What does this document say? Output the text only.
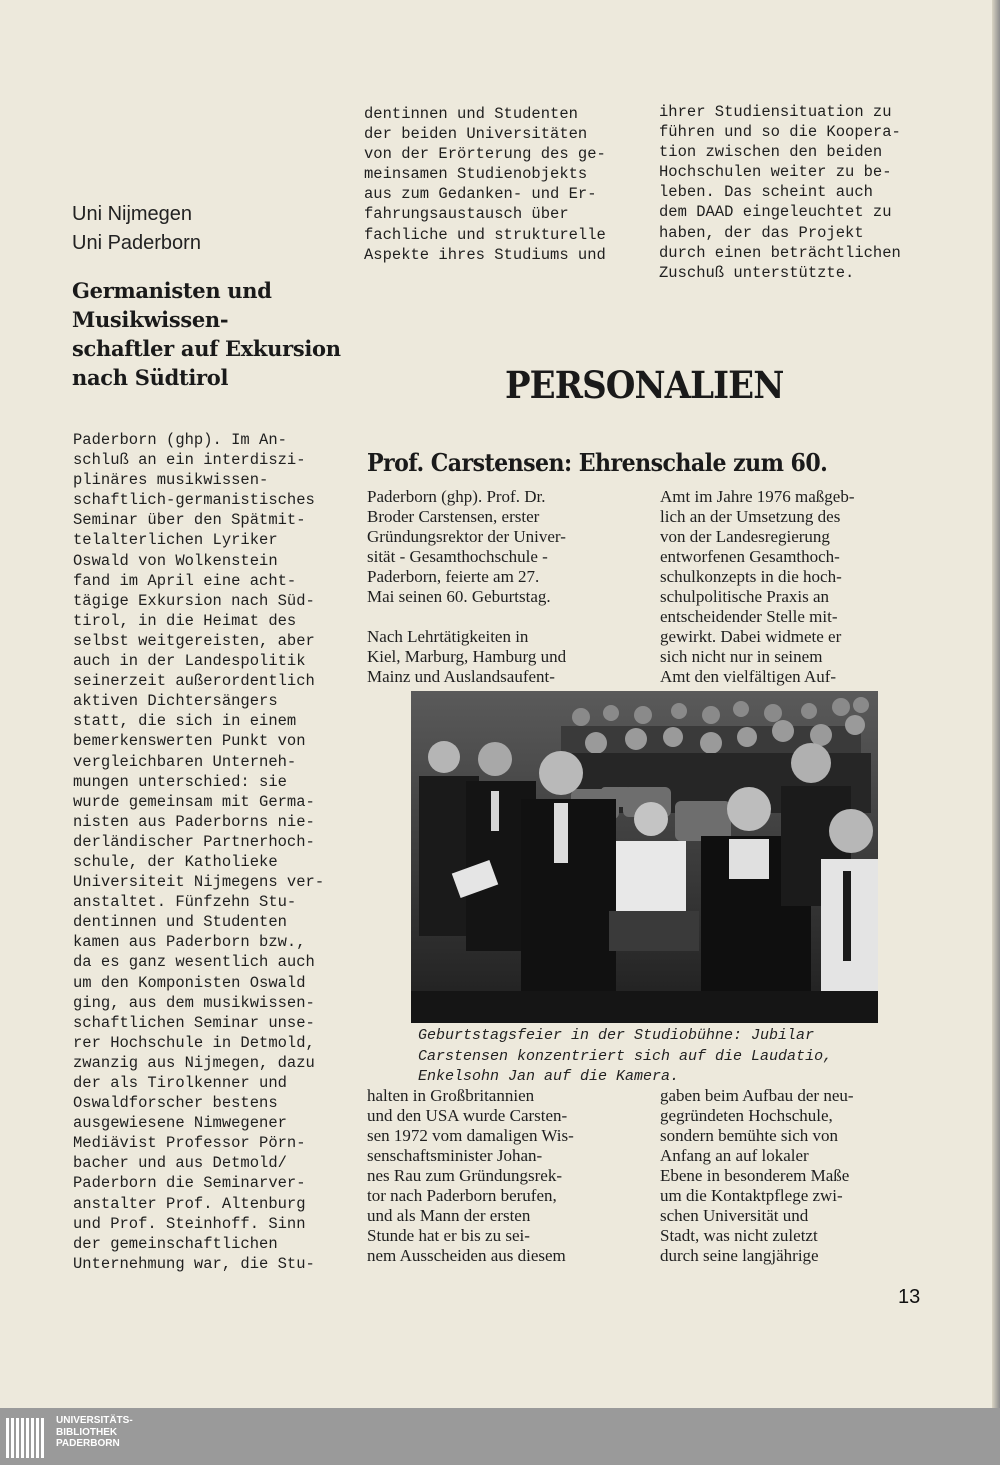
Uni Nijmegen
Uni Paderborn
Germanisten und
Musikwissen-
schaftler auf Exkursion
nach Südtirol
Paderborn (ghp). Im An-
schluß an ein interdiszi-
plinäres musikwissen-
schaftlich-germanistisches
Seminar über den Spätmit-
telalterlichen Lyriker
Oswald von Wolkenstein
fand im April eine acht-
tägige Exkursion nach Süd-
tirol, in die Heimat des
selbst weitgereisten, aber
auch in der Landespolitik
seinerzeit außerordentlich
aktiven Dichtersängers
statt, die sich in einem
bemerkenswerten Punkt von
vergleichbaren Unterneh-
mungen unterschied: sie
wurde gemeinsam mit Germa-
nisten aus Paderborns nie-
derländischer Partnerhoch-
schule, der Katholieke
Universiteit Nijmegens ver-
anstaltet. Fünfzehn Stu-
dentinnen und Studenten
kamen aus Paderborn bzw.,
da es ganz wesentlich auch
um den Komponisten Oswald
ging, aus dem musikwissen-
schaftlichen Seminar unse-
rer Hochschule in Detmold,
zwanzig aus Nijmegen, dazu
der als Tirolkenner und
Oswaldforscher bestens
ausgewiesene Nimwegener
Mediävist Professor Pörn-
bacher und aus Detmold/
Paderborn die Seminarver-
anstalter Prof. Altenburg
und Prof. Steinhoff. Sinn
der gemeinschaftlichen
Unternehmung war, die Stu-
dentinnen und Studenten
der beiden Universitäten
von der Erörterung des ge-
meinsamen Studienobjekts
aus zum Gedanken- und Er-
fahrungsaustausch über
fachliche und strukturelle
Aspekte ihres Studiums und
ihrer Studiensituation zu
führen und so die Koopera-
tion zwischen den beiden
Hochschulen weiter zu be-
leben. Das scheint auch
dem DAAD eingeleuchtet zu
haben, der das Projekt
durch einen beträchtlichen
Zuschuß unterstützte.
PERSONALIEN
Prof. Carstensen: Ehrenschale zum 60.
Paderborn (ghp). Prof. Dr.
Broder Carstensen, erster
Gründungsrektor der Univer-
sität - Gesamthochschule -
Paderborn, feierte am 27.
Mai seinen 60. Geburtstag.
Nach Lehrtätigkeiten in
Kiel, Marburg, Hamburg und
Mainz und Auslandsaufent-
Amt im Jahre 1976 maßgeb-
lich an der Umsetzung des
von der Landesregierung
entworfenen Gesamthoch-
schulkonzepts in die hoch-
schulpolitische Praxis an
entscheidender Stelle mit-
gewirkt. Dabei widmete er
sich nicht nur in seinem
Amt den vielfältigen Auf-
Geburtstagsfeier in der Studiobühne: Jubilar
Carstensen konzentriert sich auf die Laudatio,
Enkelsohn Jan auf die Kamera.
halten in Großbritannien
und den USA wurde Carsten-
sen 1972 vom damaligen Wis-
senschaftsminister Johan-
nes Rau zum Gründungsrek-
tor nach Paderborn berufen,
und als Mann der ersten
Stunde hat er bis zu sei-
nem Ausscheiden aus diesem
gaben beim Aufbau der neu-
gegründeten Hochschule,
sondern bemühte sich von
Anfang an auf lokaler
Ebene in besonderem Maße
um die Kontaktpflege zwi-
schen Universität und
Stadt, was nicht zuletzt
durch seine langjährige
13
UNIVERSITÄTS-
BIBLIOTHEK
PADERBORN
